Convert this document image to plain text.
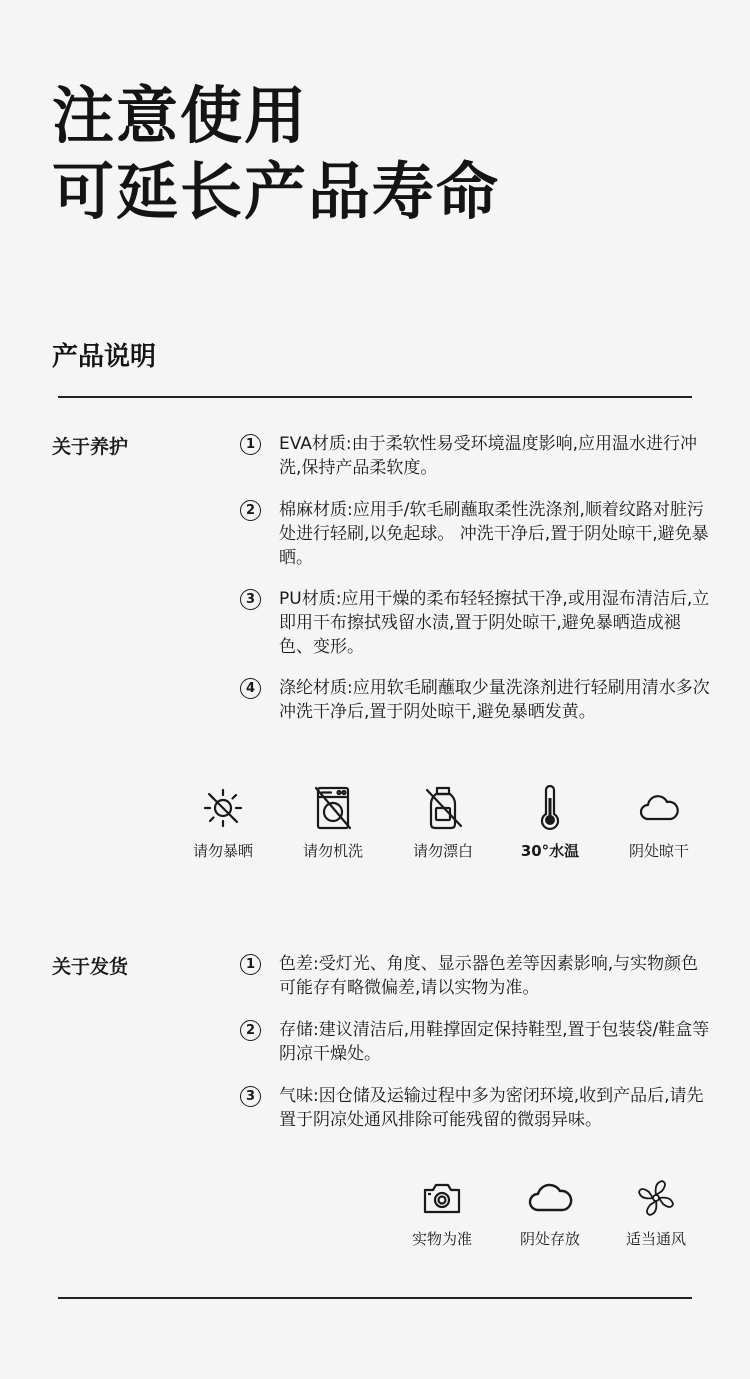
注意使用
可延长产品寿命
产品说明
关于养护	1	EVA材质:由于柔软性易受环境温度影响,应用温水进行冲洗,保持产品柔软度。
2	棉麻材质:应用手/软毛刷蘸取柔性洗涤剂,顺着纹路对脏污处进行轻刷,以免起球。 冲洗干净后,置于阴处晾干,避免暴晒。
3	PU材质:应用干燥的柔布轻轻擦拭干净,或用湿布清洁后,立即用干布擦拭残留水渍,置于阴处晾干,避免暴晒造成褪色、变形。
4	涤纶材质:应用软毛刷蘸取少量洗涤剂进行轻刷用清水多次冲洗干净后,置于阴处晾干,避免暴晒发黄。
请勿暴晒	请勿机洗	请勿漂白	30°水温	阴处晾干
关于发货	1	色差:受灯光、角度、显示器色差等因素影响,与实物颜色可能存有略微偏差,请以实物为准。
2	存储:建议清洁后,用鞋撑固定保持鞋型,置于包装袋/鞋盒等阴凉干燥处。
3	气味:因仓储及运输过程中多为密闭环境,收到产品后,请先置于阴凉处通风排除可能残留的微弱异味。
实物为准	阴处存放	适当通风
